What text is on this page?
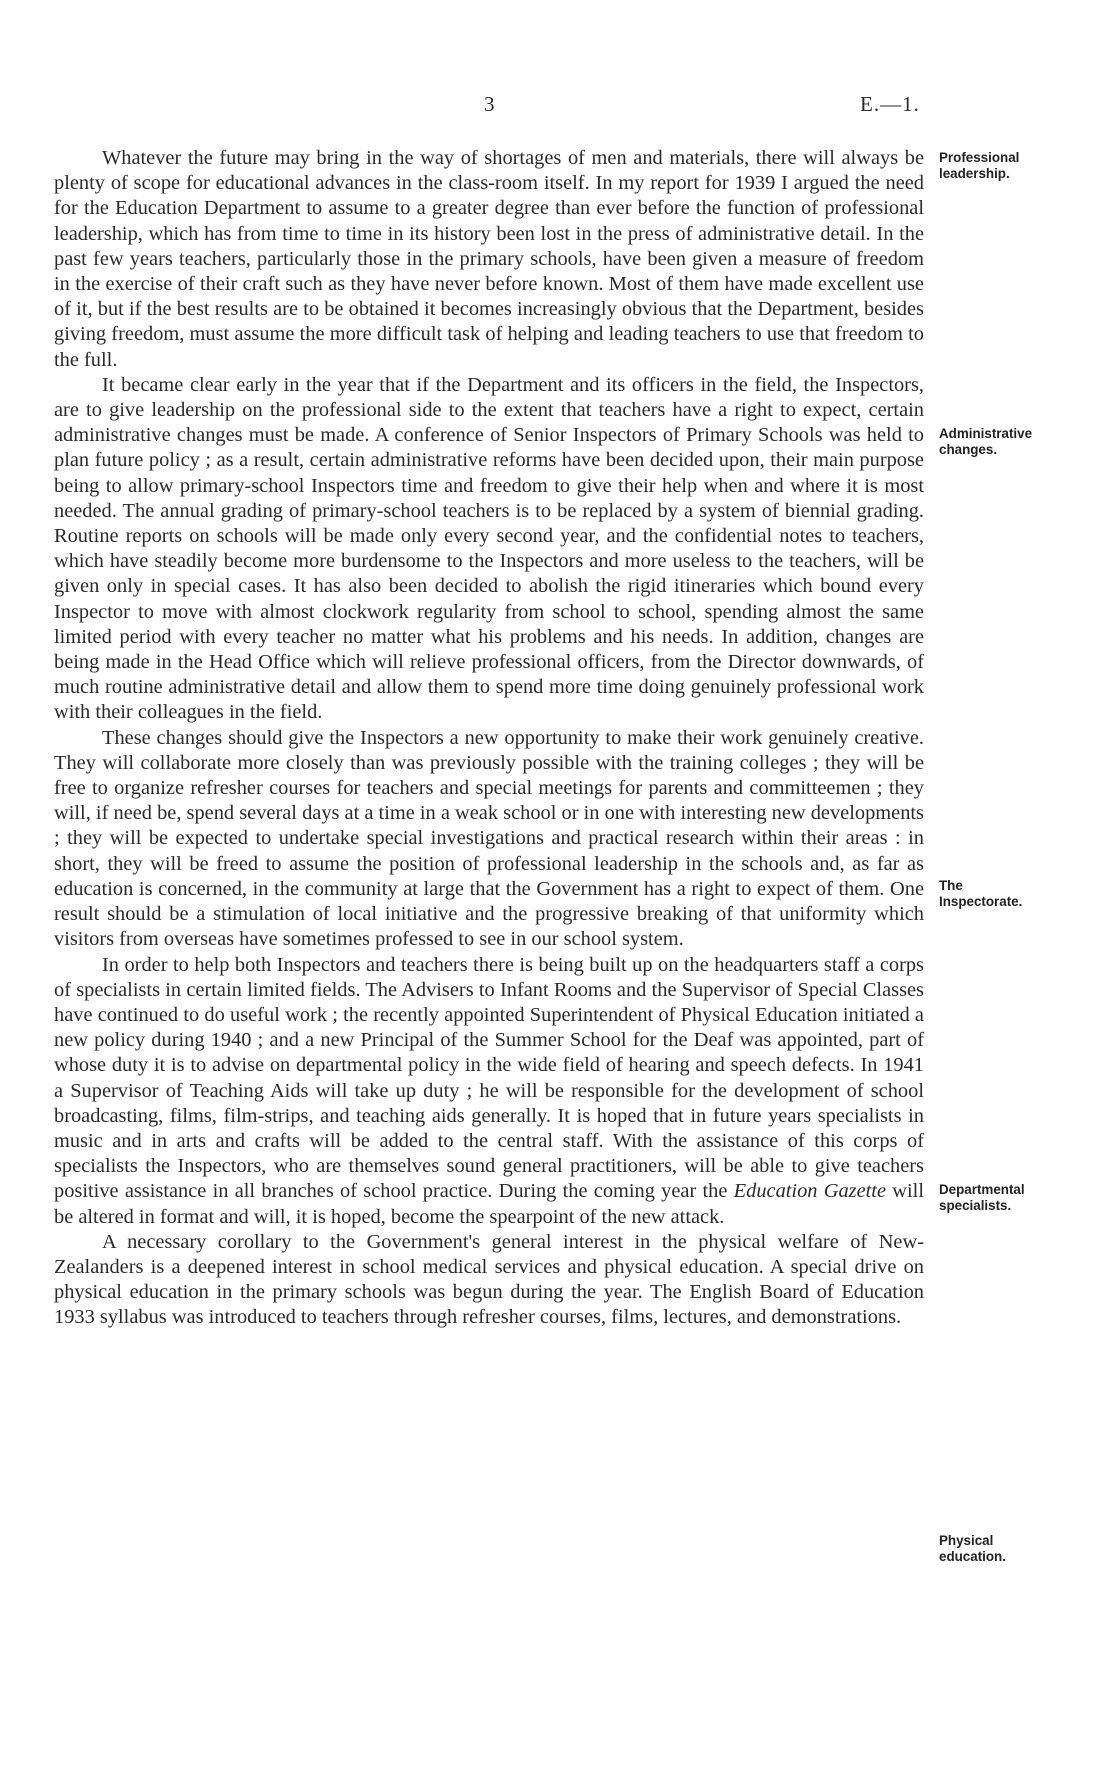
3	E.—1.

Whatever the future may bring in the way of shortages of men and materials, there will always be plenty of scope for educational advances in the class-room itself. In my report for 1939 I argued the need for the Education Department to assume to a greater degree than ever before the function of professional leadership, which has from time to time in its history been lost in the press of administrative detail. In the past few years teachers, particularly those in the primary schools, have been given a measure of freedom in the exercise of their craft such as they have never before known. Most of them have made excellent use of it, but if the best results are to be obtained it becomes increasingly obvious that the Department, besides giving freedom, must assume the more difficult task of helping and leading teachers to use that freedom to the full.

It became clear early in the year that if the Department and its officers in the field, the Inspectors, are to give leadership on the professional side to the extent that teachers have a right to expect, certain administrative changes must be made. A conference of Senior Inspectors of Primary Schools was held to plan future policy ; as a result, certain administrative reforms have been decided upon, their main purpose being to allow primary-school Inspectors time and freedom to give their help when and where it is most needed. The annual grading of primary-school teachers is to be replaced by a system of biennial grading. Routine reports on schools will be made only every second year, and the confidential notes to teachers, which have steadily become more burdensome to the Inspectors and more useless to the teachers, will be given only in special cases. It has also been decided to abolish the rigid itineraries which bound every Inspector to move with almost clockwork regularity from school to school, spending almost the same limited period with every teacher no matter what his problems and his needs. In addition, changes are being made in the Head Office which will relieve professional officers, from the Director downwards, of much routine administrative detail and allow them to spend more time doing genuinely professional work with their colleagues in the field.

These changes should give the Inspectors a new opportunity to make their work genuinely creative. They will collaborate more closely than was previously possible with the training colleges ; they will be free to organize refresher courses for teachers and special meetings for parents and committeemen ; they will, if need be, spend several days at a time in a weak school or in one with interesting new developments ; they will be expected to undertake special investigations and practical research within their areas : in short, they will be freed to assume the position of professional leadership in the schools and, as far as education is concerned, in the community at large that the Government has a right to expect of them. One result should be a stimulation of local initiative and the progressive breaking of that uniformity which visitors from overseas have sometimes professed to see in our school system.

In order to help both Inspectors and teachers there is being built up on the headquarters staff a corps of specialists in certain limited fields. The Advisers to Infant Rooms and the Supervisor of Special Classes have continued to do useful work ; the recently appointed Superintendent of Physical Education initiated a new policy during 1940 ; and a new Principal of the Summer School for the Deaf was appointed, part of whose duty it is to advise on departmental policy in the wide field of hearing and speech defects. In 1941 a Supervisor of Teaching Aids will take up duty ; he will be responsible for the development of school broadcasting, films, film-strips, and teaching aids generally. It is hoped that in future years specialists in music and in arts and crafts will be added to the central staff. With the assistance of this corps of specialists the Inspectors, who are themselves sound general practitioners, will be able to give teachers positive assistance in all branches of school practice. During the coming year the Education Gazette will be altered in format and will, it is hoped, become the spearpoint of the new attack.

A necessary corollary to the Government's general interest in the physical welfare of New-Zealanders is a deepened interest in school medical services and physical education. A special drive on physical education in the primary schools was begun during the year. The English Board of Education 1933 syllabus was introduced to teachers through refresher courses, films, lectures, and demonstrations.

Professional
leadership.
Administrative
changes.
The
Inspectorate.
Departmental
specialists.
Physical
education.
